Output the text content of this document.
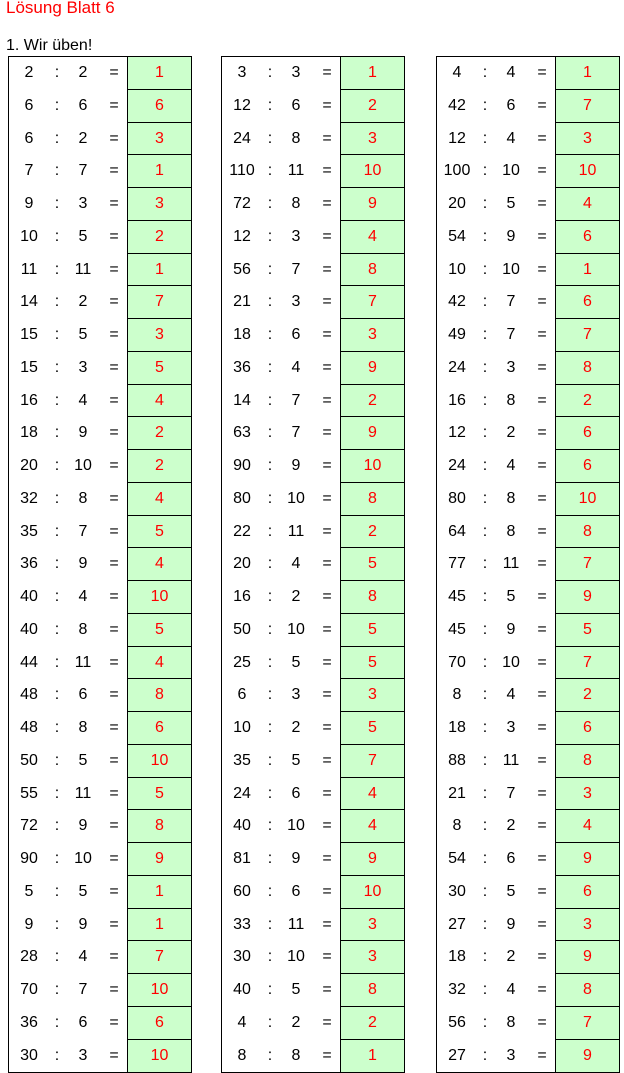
Lösung Blatt 6
1. Wir üben!
2	:	2	=	1
6	:	6	=	6
6	:	2	=	3
7	:	7	=	1
9	:	3	=	3
10	:	5	=	2
11	: 11	=	1
14	:	2	=	7
15	:	5	=	3
15	:	3	=	5
16	:	4	=	4
18	:	9	=	2
20	: 10	=	2
32	:	8	=	4
35	:	7	=	5
36	:	9	=	4
40	:	4	=	10
40	:	8	=	5
44	: 11	=	4
48	:	6	=	8
48	:	8	=	6
50	:	5	=	10
55	: 11	=	5
72	:	9	=	8
90	: 10	=	9
5	:	5	=	1
9	:	9	=	1
28	:	4	=	7
70	:	7	=	10
36	:	6	=	6
30	:	3	=	10
3	:	3	=	1
12	:	6	=	2
24	:	8	=	3
110 : 11	=	10
72	:	8	=	9
12	:	3	=	4
56	:	7	=	8
21	:	3	=	7
18	:	6	=	3
36	:	4	=	9
14	:	7	=	2
63	:	7	=	9
90	:	9	=	10
80	: 10	=	8
22	: 11	=	2
20	:	4	=	5
16	:	2	=	8
50	: 10	=	5
25	:	5	=	5
6	:	3	=	3
10	:	2	=	5
35	:	5	=	7
24	:	6	=	4
40	: 10	=	4
81	:	9	=	9
60	:	6	=	10
33	: 11	=	3
30	: 10	=	3
40	:	5	=	8
4	:	2	=	2
8	:	8	=	1
4	:	4	=	1
42	:	6	=	7
12	:	4	=	3
100 : 10	=	10
20	:	5	=	4
54	:	9	=	6
10	: 10	=	1
42	:	7	=	6
49	:	7	=	7
24	:	3	=	8
16	:	8	=	2
12	:	2	=	6
24	:	4	=	6
80	:	8	=	10
64	:	8	=	8
77	: 11	=	7
45	:	5	=	9
45	:	9	=	5
70	: 10	=	7
8	:	4	=	2
18	:	3	=	6
88	: 11	=	8
21	:	7	=	3
8	:	2	=	4
54	:	6	=	9
30	:	5	=	6
27	:	9	=	3
18	:	2	=	9
32	:	4	=	8
56	:	8	=	7
27	:	3	=	9
